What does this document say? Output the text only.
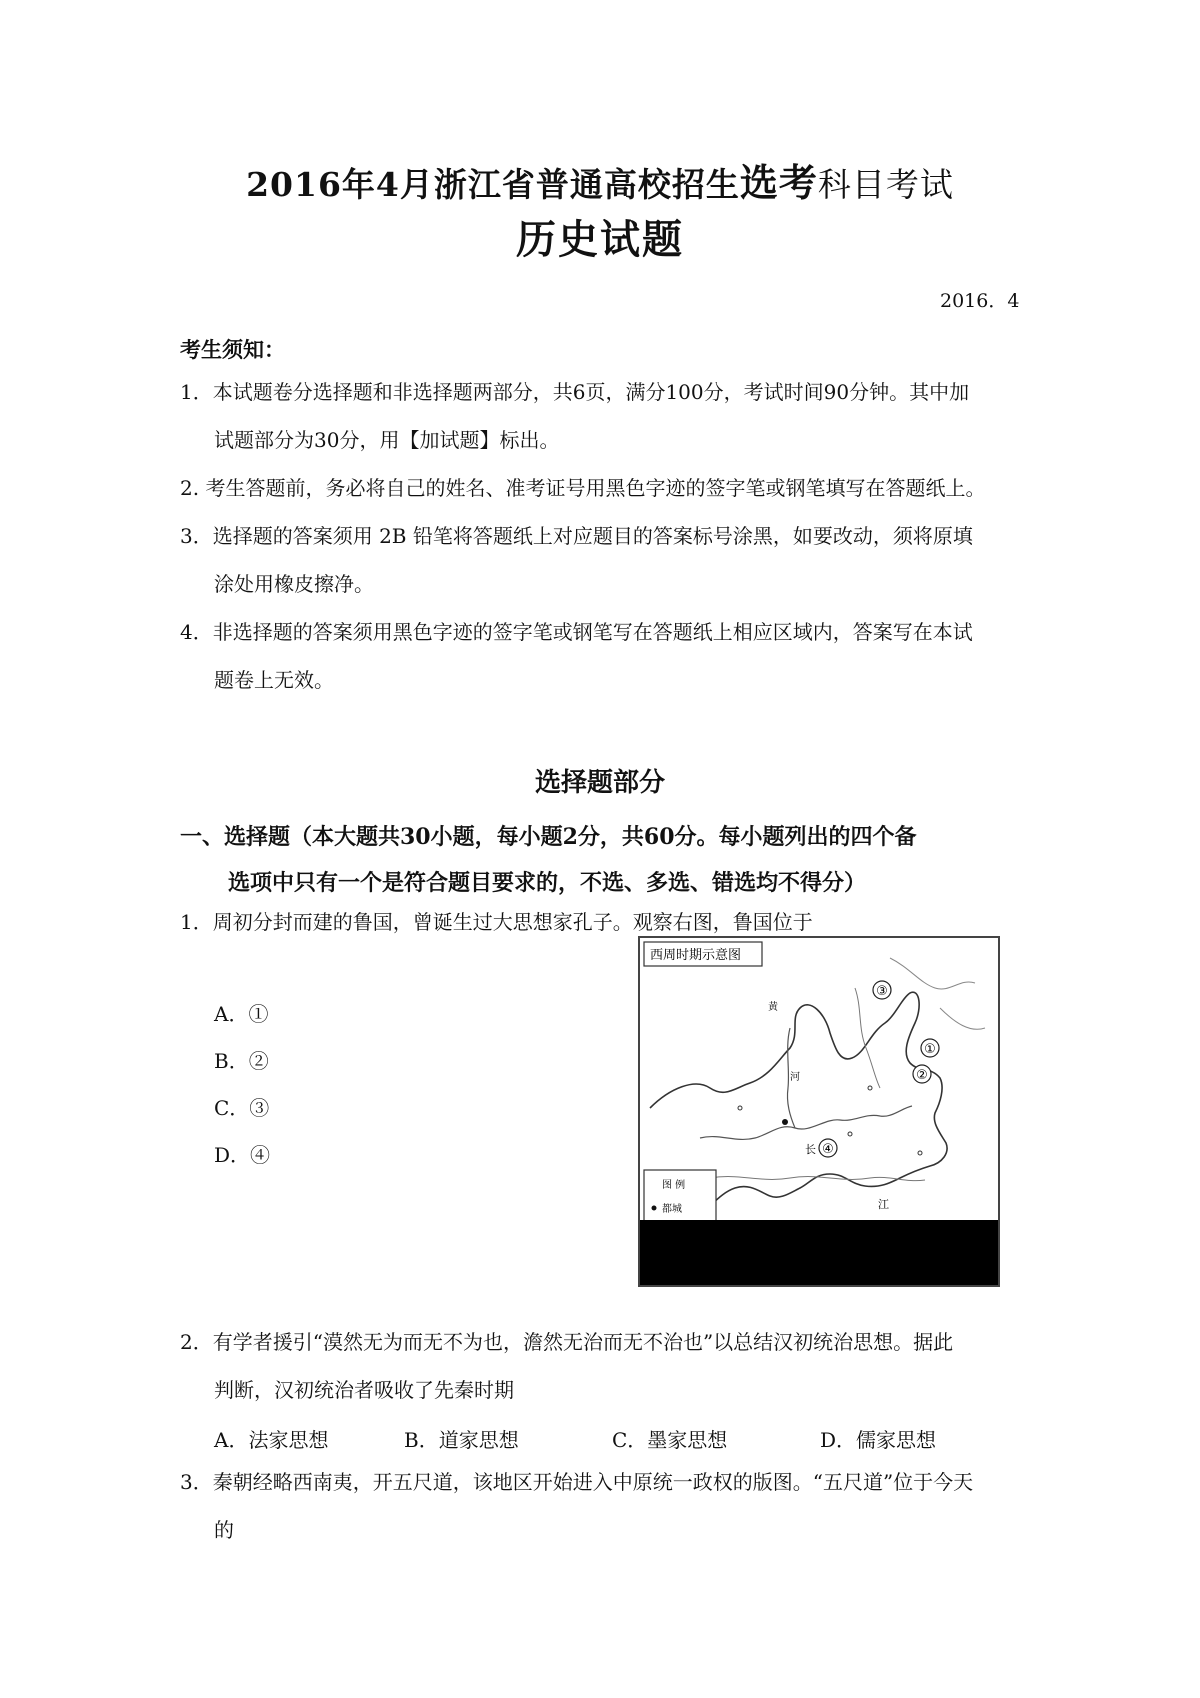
2016年4月浙江省普通高校招生选考科目考试
历史试题
2016．4
考生须知：
1．本试题卷分选择题和非选择题两部分，共6页，满分100分，考试时间90分钟。其中加
试题部分为30分，用【加试题】标出。
2. 考生答题前，务必将自己的姓名、准考证号用黑色字迹的签字笔或钢笔填写在答题纸上。
3．选择题的答案须用 2B 铅笔将答题纸上对应题目的答案标号涂黑，如要改动，须将原填
涂处用橡皮擦净。
4．非选择题的答案须用黑色字迹的签字笔或钢笔写在答题纸上相应区域内，答案写在本试
题卷上无效。
选择题部分
一、选择题（本大题共30小题，每小题2分，共60分。每小题列出的四个备
选项中只有一个是符合题目要求的，不选、多选、错选均不得分）
1．周初分封而建的鲁国，曾诞生过大思想家孔子。观察右图，鲁国位于
A．①
B．②
C．③
D．④
西周时期示意图
③
①
②
④
黄
河
长
江
图 例
都城
2．有学者援引“漠然无为而无不为也，澹然无治而无不治也”以总结汉初统治思想。据此
判断，汉初统治者吸收了先秦时期
A．法家思想	B．道家思想	C．墨家思想	D．儒家思想
3．秦朝经略西南夷，开五尺道，该地区开始进入中原统一政权的版图。“五尺道”位于今天
的
